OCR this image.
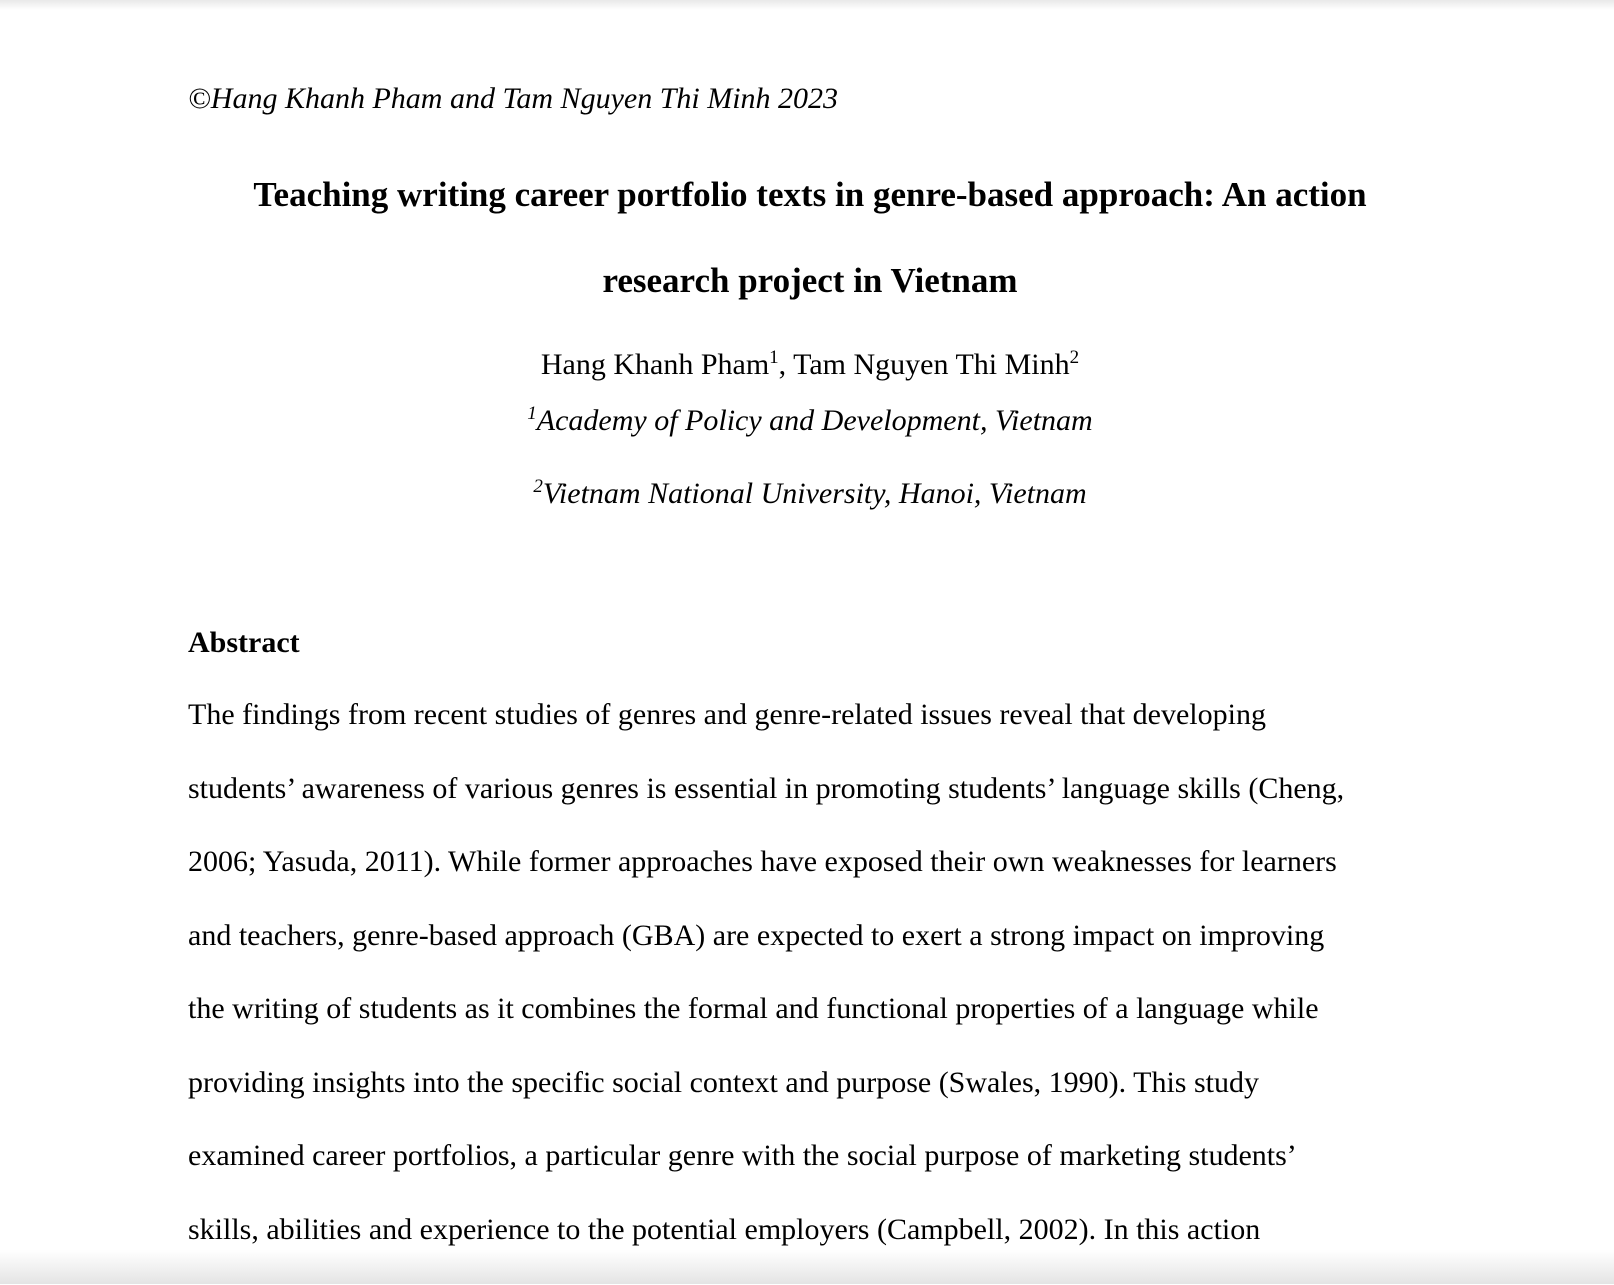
©Hang Khanh Pham and Tam Nguyen Thi Minh 2023
Teaching writing career portfolio texts in genre-based approach: An action
research project in Vietnam
Hang Khanh Pham$^1$, Tam Nguyen Thi Minh$^2$
$^1$Academy of Policy and Development, Vietnam
$^2$Vietnam National University, Hanoi, Vietnam
Abstract
The findings from recent studies of genres and genre-related issues reveal that developing
students’ awareness of various genres is essential in promoting students’ language skills (Cheng,
2006; Yasuda, 2011). While former approaches have exposed their own weaknesses for learners
and teachers, genre-based approach (GBA) are expected to exert a strong impact on improving
the writing of students as it combines the formal and functional properties of a language while
providing insights into the specific social context and purpose (Swales, 1990). This study
examined career portfolios, a particular genre with the social purpose of marketing students’
skills, abilities and experience to the potential employers (Campbell, 2002). In this action
